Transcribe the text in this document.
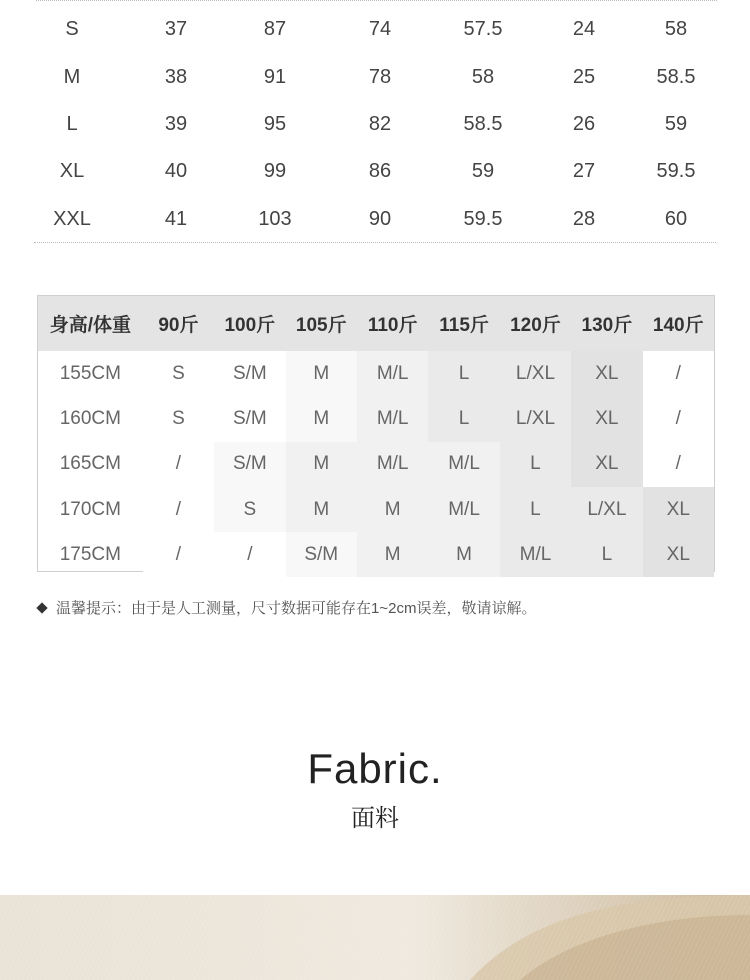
S	37	87	74	57.5	24	58
M	38	91	78	58	25	58.5
L	39	95	82	58.5	26	59
XL	40	99	86	59	27	59.5
XXL	41	103	90	59.5	28	60
身高/体重	90斤	100斤	105斤	110斤	115斤	120斤	130斤	140斤
155CM	S	S/M	M	M/L	L	L/XL	XL	/
160CM	S	S/M	M	M/L	L	L/XL	XL	/
165CM	/	S/M	M	M/L	M/L	L	XL	/
170CM	/	S	M	M	M/L	L	L/XL	XL
175CM	/	/	S/M	M	M	M/L	L	XL
温馨提示：由于是人工测量，尺寸数据可能存在1~2cm误差，敬请谅解。
Fabric.
面料
